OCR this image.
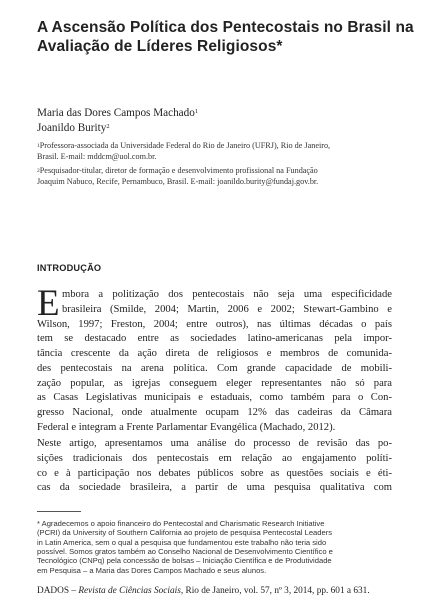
A Ascensão Política dos Pentecostais no Brasil na
Avaliação de Líderes Religiosos*
Maria das Dores Campos Machado$^1$
Joanildo Burity$^2$
$^1$Professora-associada da Universidade Federal do Rio de Janeiro (UFRJ), Rio de Janeiro,
Brasil. E-mail: mddcm@uol.com.br.
$^2$Pesquisador-titular, diretor de formação e desenvolvimento profissional na Fundação
Joaquim Nabuco, Recife, Pernambuco, Brasil. E-mail: joanildo.burity@fundaj.gov.br.
INTRODUÇÃO
E mbora a politização dos pentecostais não seja uma especificidade
brasileira (Smilde, 2004; Martin, 2006 e 2002; Stewart-Gambino e
Wilson, 1997; Freston, 2004; entre outros), nas últimas décadas o país
tem se destacado entre as sociedades latino-americanas pela impor-
tância crescente da ação direta de religiosos e membros de comunida-
des pentecostais na arena política. Com grande capacidade de mobili-
zação popular, as igrejas conseguem eleger representantes não só para
as Casas Legislativas municipais e estaduais, como também para o Con-
gresso Nacional, onde atualmente ocupam 12% das cadeiras da Câmara
Federal e integram a Frente Parlamentar Evangélica (Machado, 2012).
Neste artigo, apresentamos uma análise do processo de revisão das po-
sições tradicionais dos pentecostais em relação ao engajamento políti-
co e à participação nos debates públicos sobre as questões sociais e éti-
cas da sociedade brasileira, a partir de uma pesquisa qualitativa com
* Agradecemos o apoio financeiro do Pentecostal and Charismatic Research Initiative
(PCRI) da University of Southern California ao projeto de pesquisa Pentecostal Leaders
in Latin America, sem o qual a pesquisa que fundamentou este trabalho não teria sido
possível. Somos gratos também ao Conselho Nacional de Desenvolvimento Científico e
Tecnológico (CNPq) pela concessão de bolsas – Iniciação Científica e de Produtividade
em Pesquisa – a Maria das Dores Campos Machado e seus alunos.
DADOS – Revista de Ciências Sociais, Rio de Janeiro, vol. 57, nº 3, 2014, pp. 601 a 631.
